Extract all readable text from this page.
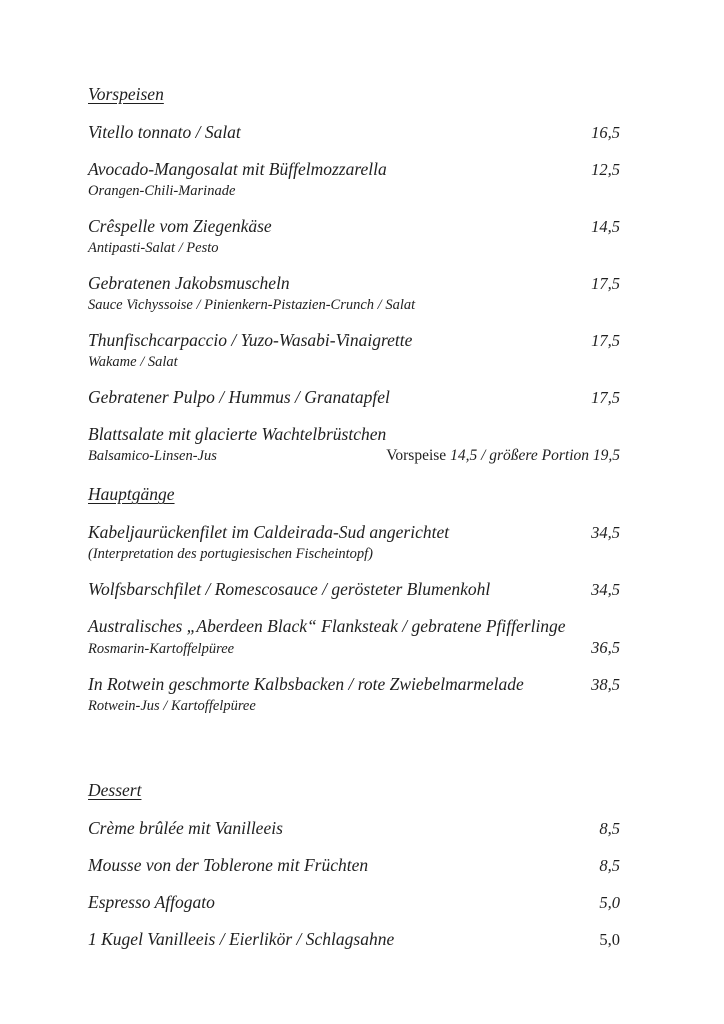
Vorspeisen
Vitello tonnato / Salat	16,5
Avocado-Mangosalat mit Büffelmozzarella	12,5
Orangen-Chili-Marinade
Crêspelle vom Ziegenkäse	14,5
Antipasti-Salat / Pesto
Gebratenen Jakobsmuscheln	17,5
Sauce Vichyssoise / Pinienkern-Pistazien-Crunch / Salat
Thunfischcarpaccio / Yuzo-Wasabi-Vinaigrette	17,5
Wakame / Salat
Gebratener Pulpo / Hummus / Granatapfel	17,5
Blattsalate mit glacierte Wachtelbrüstchen
Balsamico-Linsen-Jus	Vorspeise 14,5 / größere Portion 19,5
Hauptgänge
Kabeljaurückenfilet im Caldeirada-Sud angerichtet	34,5
(Interpretation des portugiesischen Fischeintopf)
Wolfsbarschfilet / Romescosauce / gerösteter Blumenkohl	34,5
Australisches „Aberdeen Black“ Flanksteak / gebratene Pfifferlinge
Rosmarin-Kartoffelpüree	36,5
In Rotwein geschmorte Kalbsbacken / rote Zwiebelmarmelade	38,5
Rotwein-Jus / Kartoffelpüree
Dessert
Crème brûlée mit Vanilleeis	8,5
Mousse von der Toblerone mit Früchten	8,5
Espresso Affogato	5,0
1 Kugel Vanilleeis / Eierlikör / Schlagsahne	5,0
